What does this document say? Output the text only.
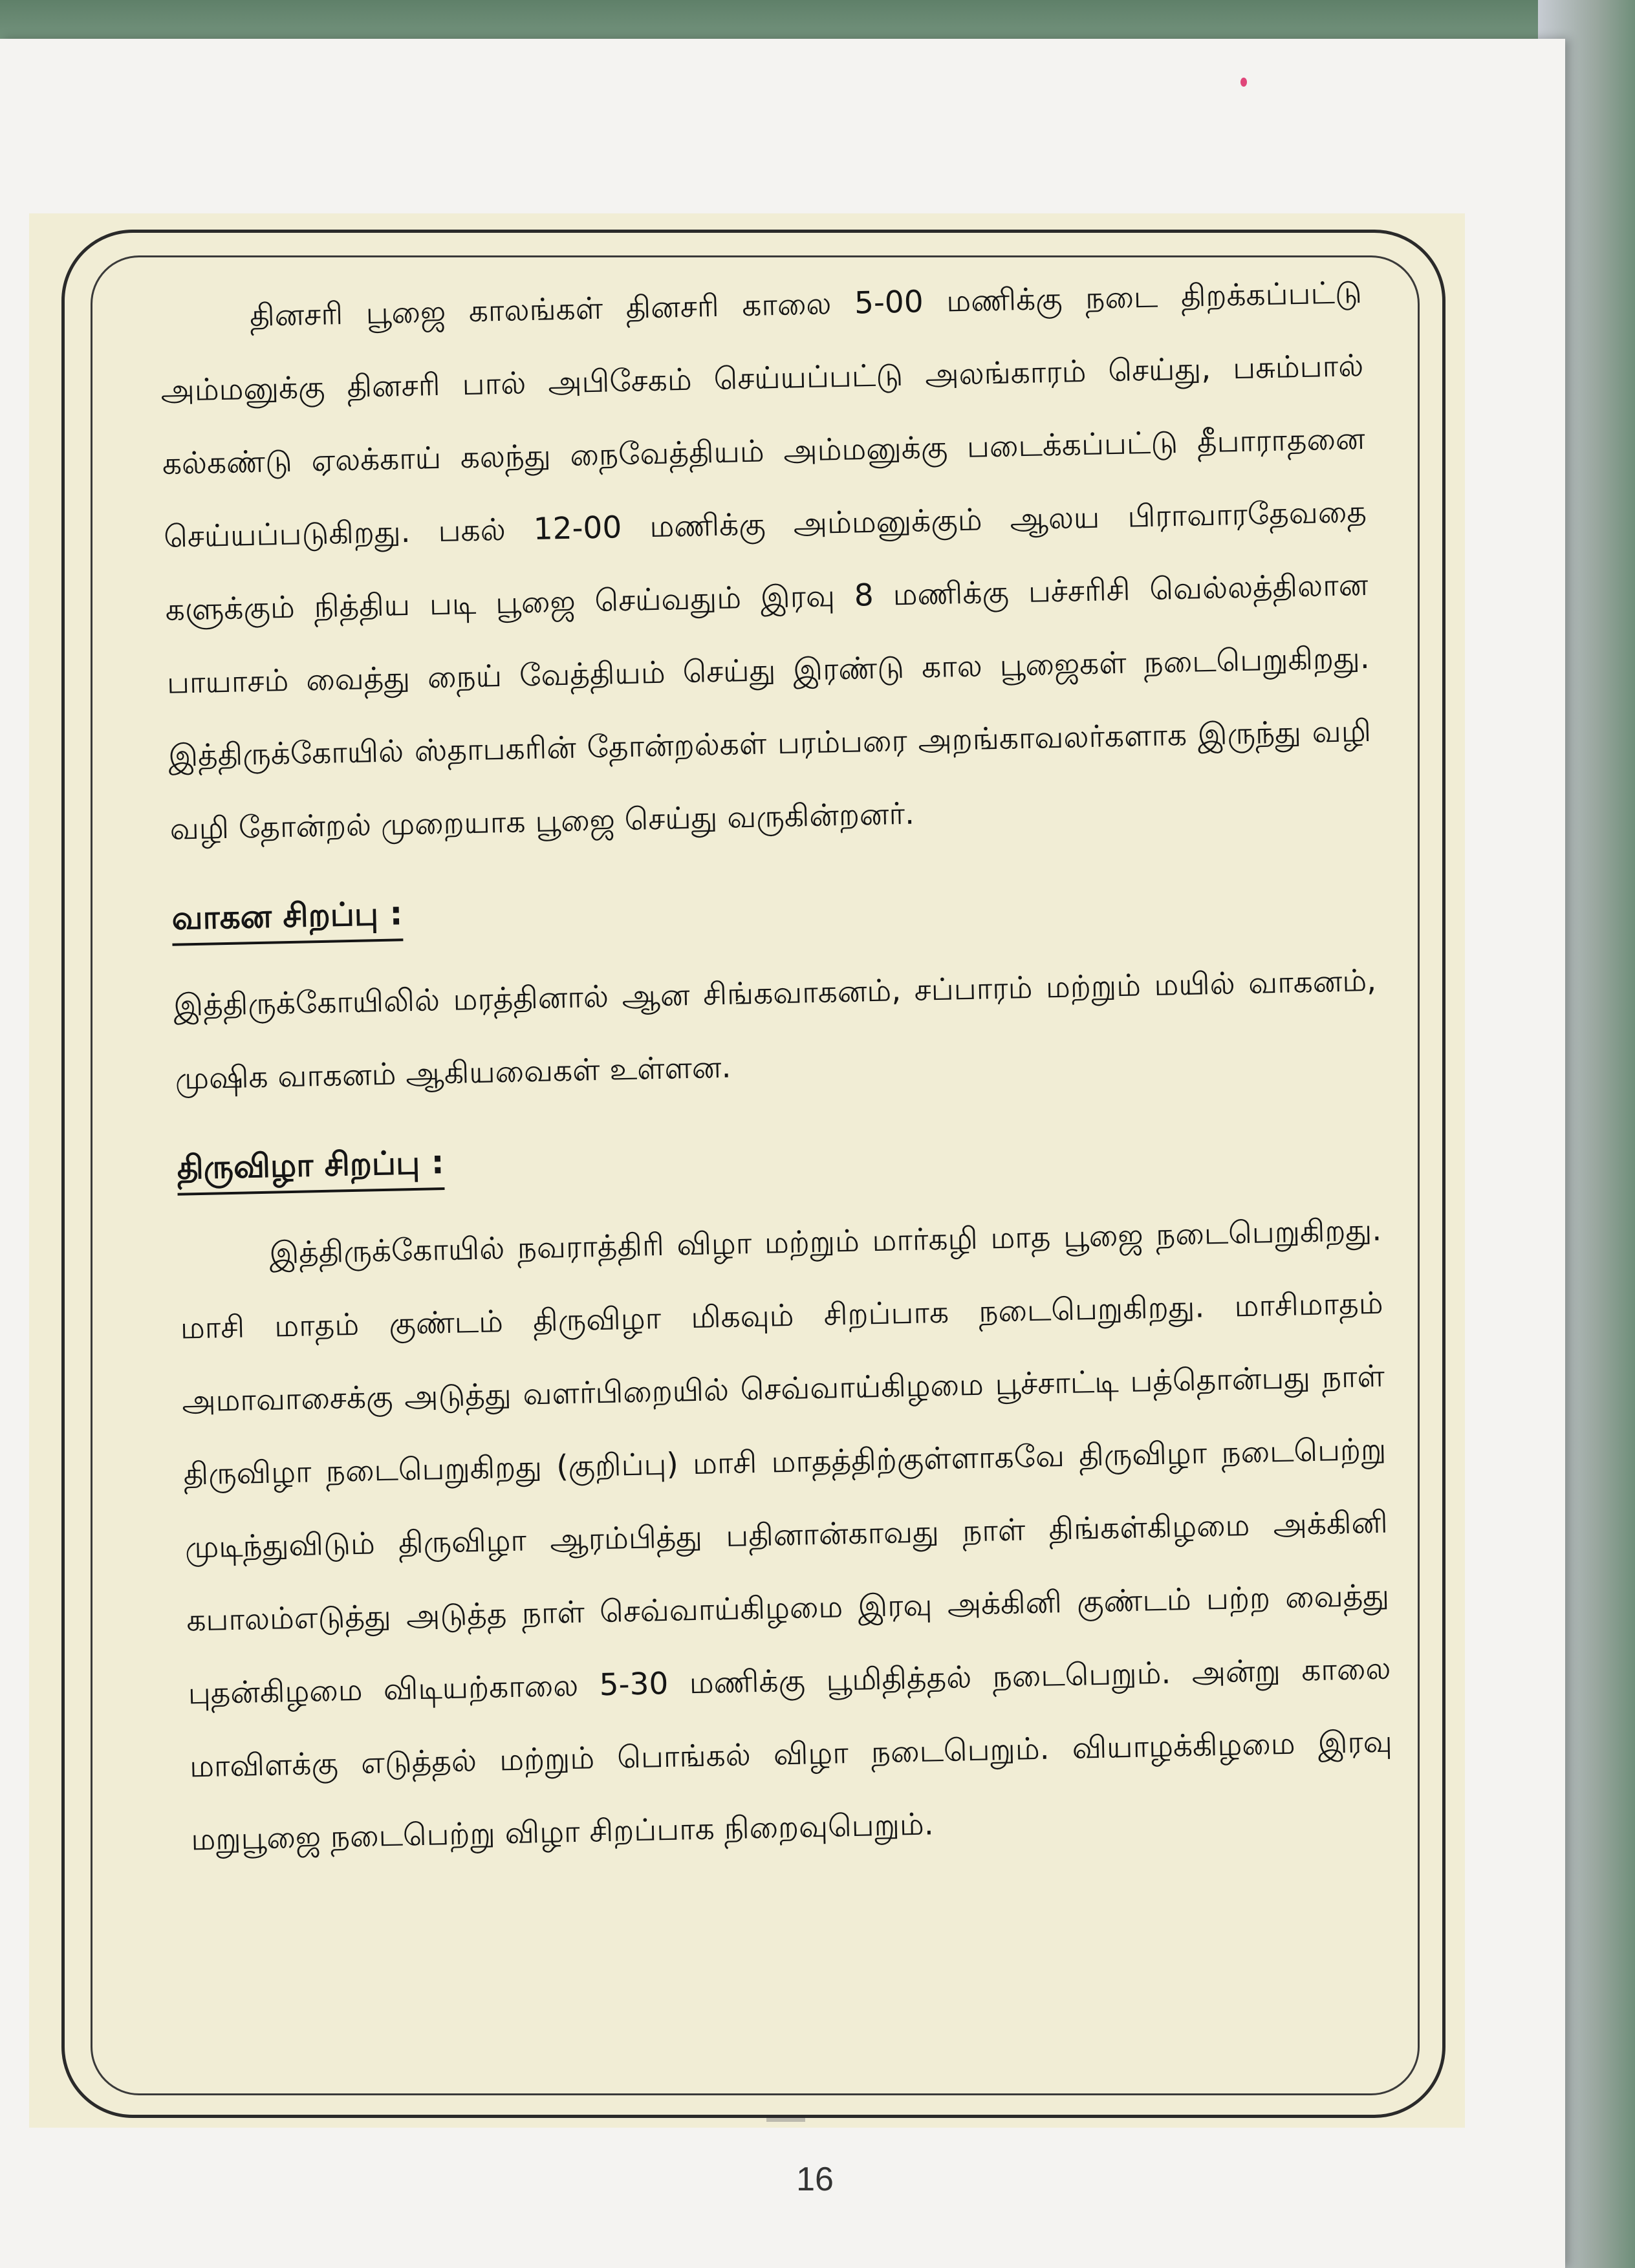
தினசரி பூஜை காலங்கள் தினசரி காலை 5-00 மணிக்கு நடை திறக்கப்பட்டு அம்மனுக்கு தினசரி பால் அபிசேகம் செய்யப்பட்டு அலங்காரம் செய்து, பசும்பால் கல்கண்டு ஏலக்காய் கலந்து நைவேத்தியம் அம்மனுக்கு படைக்கப்பட்டு தீபாராதனை செய்யப்படுகிறது. பகல் 12-00 மணிக்கு அம்மனுக்கும் ஆலய பிராவாரதேவதை களுக்கும் நித்திய படி பூஜை செய்வதும் இரவு 8 மணிக்கு பச்சரிசி வெல்லத்திலான பாயாசம் வைத்து நைய் வேத்தியம் செய்து இரண்டு கால பூஜைகள் நடைபெறுகிறது. இத்திருக்கோயில் ஸ்தாபகரின் தோன்றல்கள் பரம்பரை அறங்காவலர்களாக இருந்து வழி வழி தோன்றல் முறையாக பூஜை செய்து வருகின்றனர்.

வாகன சிறப்பு :

இத்திருக்கோயிலில் மரத்தினால் ஆன சிங்கவாகனம், சப்பாரம் மற்றும் மயில் வாகனம், முஷிக வாகனம் ஆகியவைகள் உள்ளன.

திருவிழா சிறப்பு :

இத்திருக்கோயில் நவராத்திரி விழா மற்றும் மார்கழி மாத பூஜை நடைபெறுகிறது. மாசி மாதம் குண்டம் திருவிழா மிகவும் சிறப்பாக நடைபெறுகிறது. மாசிமாதம் அமாவாசைக்கு அடுத்து வளர்பிறையில் செவ்வாய்கிழமை பூச்சாட்டி பத்தொன்பது நாள் திருவிழா நடைபெறுகிறது (குறிப்பு) மாசி மாதத்திற்குள்ளாகவே திருவிழா நடைபெற்று முடிந்துவிடும் திருவிழா ஆரம்பித்து பதினான்காவது நாள் திங்கள்கிழமை அக்கினி கபாலம்எடுத்து அடுத்த நாள் செவ்வாய்கிழமை இரவு அக்கினி குண்டம் பற்ற வைத்து புதன்கிழமை விடியற்காலை 5-30 மணிக்கு பூமிதித்தல் நடைபெறும். அன்று காலை மாவிளக்கு எடுத்தல் மற்றும் பொங்கல் விழா நடைபெறும். வியாழக்கிழமை இரவு மறுபூஜை நடைபெற்று விழா சிறப்பாக நிறைவுபெறும்.

16
